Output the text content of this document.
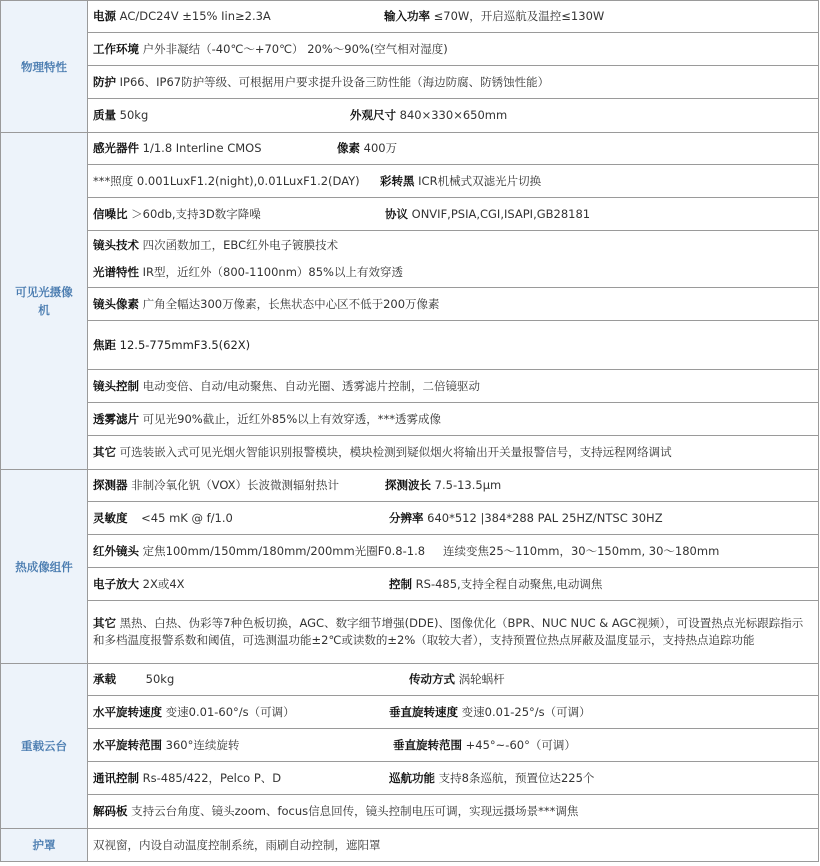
物理特性	电源 AC/DC24V ±15% Iin≥2.3A 输入功率 ≤70W，开启巡航及温控≤130W

	工作环境 户外非凝结（-40℃～+70℃） 20%～90%(空气相对湿度)
	防护 IP66、IP67防护等级、可根据用户要求提升设备三防性能（海边防腐、防锈蚀性能）

	质量 50kg 外观尺寸 840×330×650mm

可见光摄像机	感光器件 1/1.8 Interline CMOS 像素 400万

	***照度 0.001LuxF1.2(night),0.01LuxF1.2(DAY) 彩转黑 ICR机械式双滤光片切换

	信噪比 ＞60db,支持3D数字降噪 协议 ONVIF,PSIA,CGI,ISAPI,GB28181

	镜头技术 四次函数加工，EBC红外电子镀膜技术
光谱特性 IR型，近红外（800-1100nm）85%以上有效穿透

	镜头像素 广角全幅达300万像素，长焦状态中心区不低于200万像素
	焦距 12.5-775mmF3.5(62X)
	镜头控制 电动变倍、自动/电动聚焦、自动光圈、透雾滤片控制，二倍镜驱动
	透雾滤片 可见光90%截止，近红外85%以上有效穿透，***透雾成像
	其它 可选装嵌入式可见光烟火智能识别报警模块，模块检测到疑似烟火将输出开关量报警信号，支持远程网络调试
热成像组件	探测器 非制冷氧化钒（VOX）长波微测辐射热计 探测波长 7.5-13.5μm

	灵敏度 <45 mK @ f/1.0 分辨率 640*512 |384*288 PAL 25HZ/NTSC 30HZ

	红外镜头 定焦100mm/150mm/180mm/200mm光圈F0.8-1.8 连续变焦25～110mm，30～150mm, 30～180mm

	电子放大 2X或4X 控制 RS-485,支持全程自动聚焦,电动调焦

	其它 黑热、白热、伪彩等7种色板切换，AGC、数字细节增强(DDE)、图像优化（BPR、NUC NUC & AGC视频），可设置热点光标跟踪指示和多档温度报警系数和阈值，可选测温功能±2℃或读数的±2%（取较大者），支持预置位热点屏蔽及温度显示，支持热点追踪功能

重载云台	承载 50kg 传动方式 涡轮蜗杆

	水平旋转速度 变速0.01-60°/s（可调） 垂直旋转速度 变速0.01-25°/s（可调）

	水平旋转范围 360°连续旋转 垂直旋转范围 +45°~-60°（可调）

	通讯控制 Rs-485/422，Pelco P、D 巡航功能 支持8条巡航，预置位达225个

	解码板 支持云台角度、镜头zoom、focus信息回传，镜头控制电压可调，实现远摄场景***调焦
护罩	双视窗，内设自动温度控制系统，雨刷自动控制，遮阳罩
